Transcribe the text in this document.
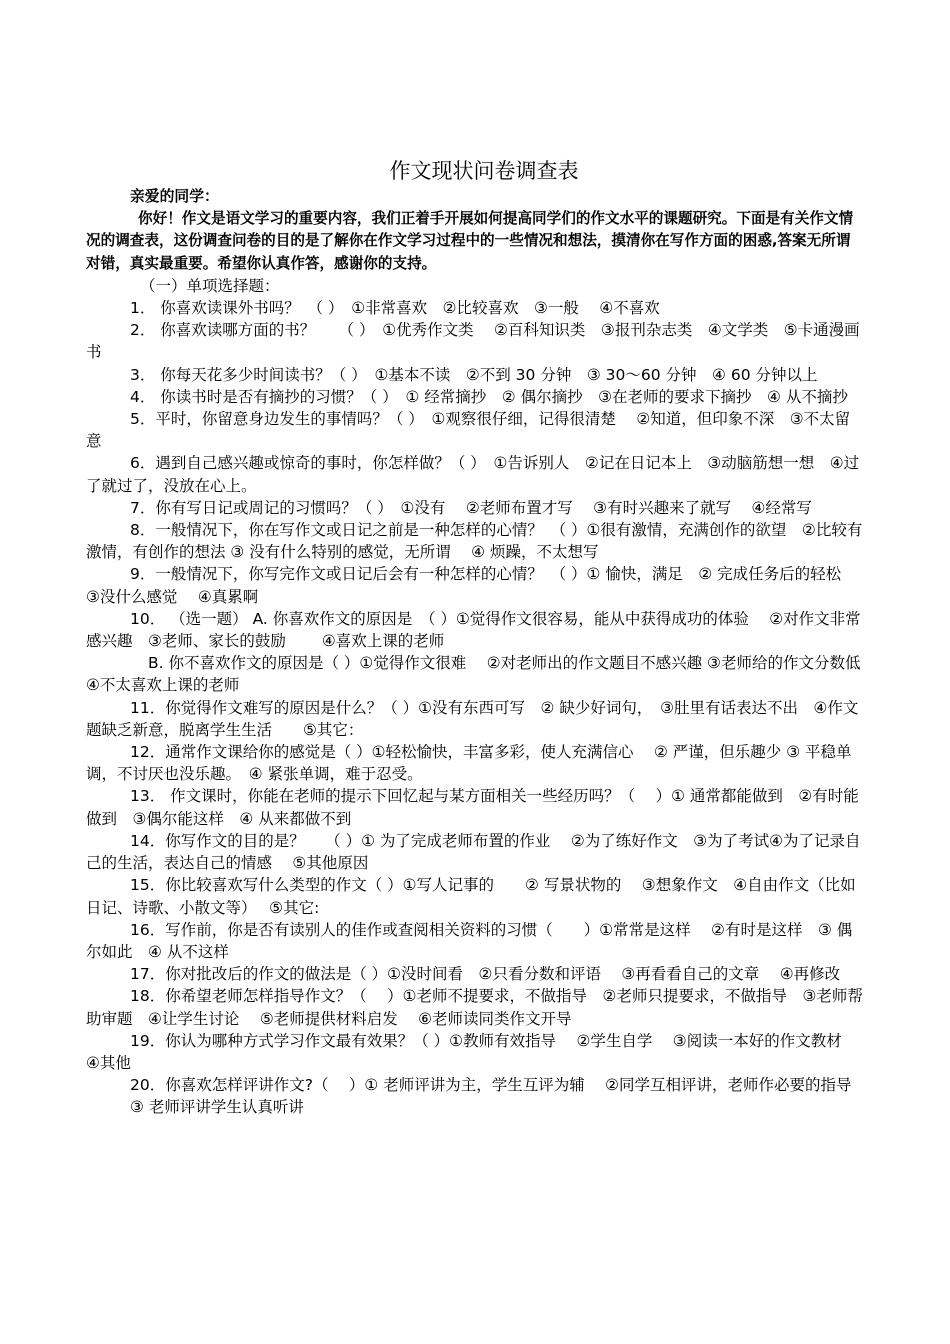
作文现状问卷调查表
亲爱的同学：

你好！作文是语文学习的重要内容，我们正着手开展如何提高同学们的作文水平的课题研究。下面是有关作文情况的调查表，这份调查问卷的目的是了解你在作文学习过程中的一些情况和想法，摸清你在写作方面的困惑,答案无所谓对错，真实最重要。希望你认真作答，感谢你的支持。

（一）单项选择题：

1． 你喜欢读课外书吗？　（ ）　①非常喜欢　②比较喜欢　③一般　 ④不喜欢

2． 你喜欢读哪方面的书？　　（ ）　①优秀作文类　 ②百科知识类　③报刊杂志类　④文学类　⑤卡通漫画书

3． 你每天花多少时间读书？（ ）　①基本不读　②不到 30 分钟　③ 30～60 分钟　④ 60 分钟以上

4． 你读书时是否有摘抄的习惯？（ ）　① 经常摘抄　② 偶尔摘抄　③在老师的要求下摘抄　④ 从不摘抄

5．平时，你留意身边发生的事情吗？（ ）　①观察很仔细，记得很清楚　 ②知道，但印象不深　③不太留意

6．遇到自己感兴趣或惊奇的事时，你怎样做？（ ）　①告诉别人　②记在日记本上　③动脑筋想一想　④过了就过了，没放在心上。

7．你有写日记或周记的习惯吗？（ ）　①没有　 ②老师布置才写　 ③有时兴趣来了就写　 ④经常写

8．一般情况下，你在写作文或日记之前是一种怎样的心情？　（ ）①很有激情，充满创作的欲望　②比较有激情，有创作的想法 ③ 没有什么特别的感觉，无所谓　 ④ 烦躁，不太想写

9．一般情况下，你写完作文或日记后会有一种怎样的心情？　（ ）① 愉快，满足　② 完成任务后的轻松　 ③没什么感觉　 ④真累啊

10． （选一题） A. 你喜欢作文的原因是　（ ）①觉得作文很容易，能从中获得成功的体验　 ②对作文非常感兴趣　③老师、家长的鼓励　　 ④喜欢上课的老师

B. 你不喜欢作文的原因是（ ）①觉得作文很难　 ②对老师出的作文题目不感兴趣 ③老师给的作文分数低　 ④不太喜欢上课的老师

11．你觉得作文难写的原因是什么？（ ）①没有东西可写　② 缺少好词句，　③肚里有话表达不出　④作文题缺乏新意，脱离学生生活　　⑤其它：

12．通常作文课给你的感觉是（ ）①轻松愉快，丰富多彩，使人充满信心　 ② 严谨，但乐趣少 ③ 平稳单调，不讨厌也没乐趣。　④ 紧张单调，难于忍受。

13． 作文课时，你能在老师的提示下回忆起与某方面相关一些经历吗？（　 ）① 通常都能做到　②有时能做到　③偶尔能这样　④ 从来都做不到

14．你写作文的目的是？　 （ ）① 为了完成老师布置的作业　 ②为了练好作文　③为了考试④为了记录自己的生活，表达自己的情感　 ⑤其他原因

15．你比较喜欢写什么类型的作文（ ）①写人记事的　　② 写景状物的　 ③想象作文　④自由作文（比如日记、诗歌、小散文等）　 ⑤其它:

16．写作前，你是否有读别人的佳作或查阅相关资料的习惯（　　）①常常是这样　 ②有时是这样　③ 偶尔如此　④ 从不这样

17．你对批改后的作文的做法是（ ）①没时间看　②只看分数和评语　 ③再看看自己的文章　 ④再修改

18．你希望老师怎样指导作文？（　 ）①老师不提要求，不做指导　②老师只提要求，不做指导　③老师帮助审题　④让学生讨论　 ⑤老师提供材料启发　 ⑥老师读同类作文开导

19．你认为哪种方式学习作文最有效果？（ ）①教师有效指导　 ②学生自学　 ③阅读一本好的作文教材　 ④其他

20．你喜欢怎样评讲作文?（　 ）① 老师评讲为主，学生互评为辅　 ②同学互相评讲，老师作必要的指导

③ 老师评讲学生认真听讲
